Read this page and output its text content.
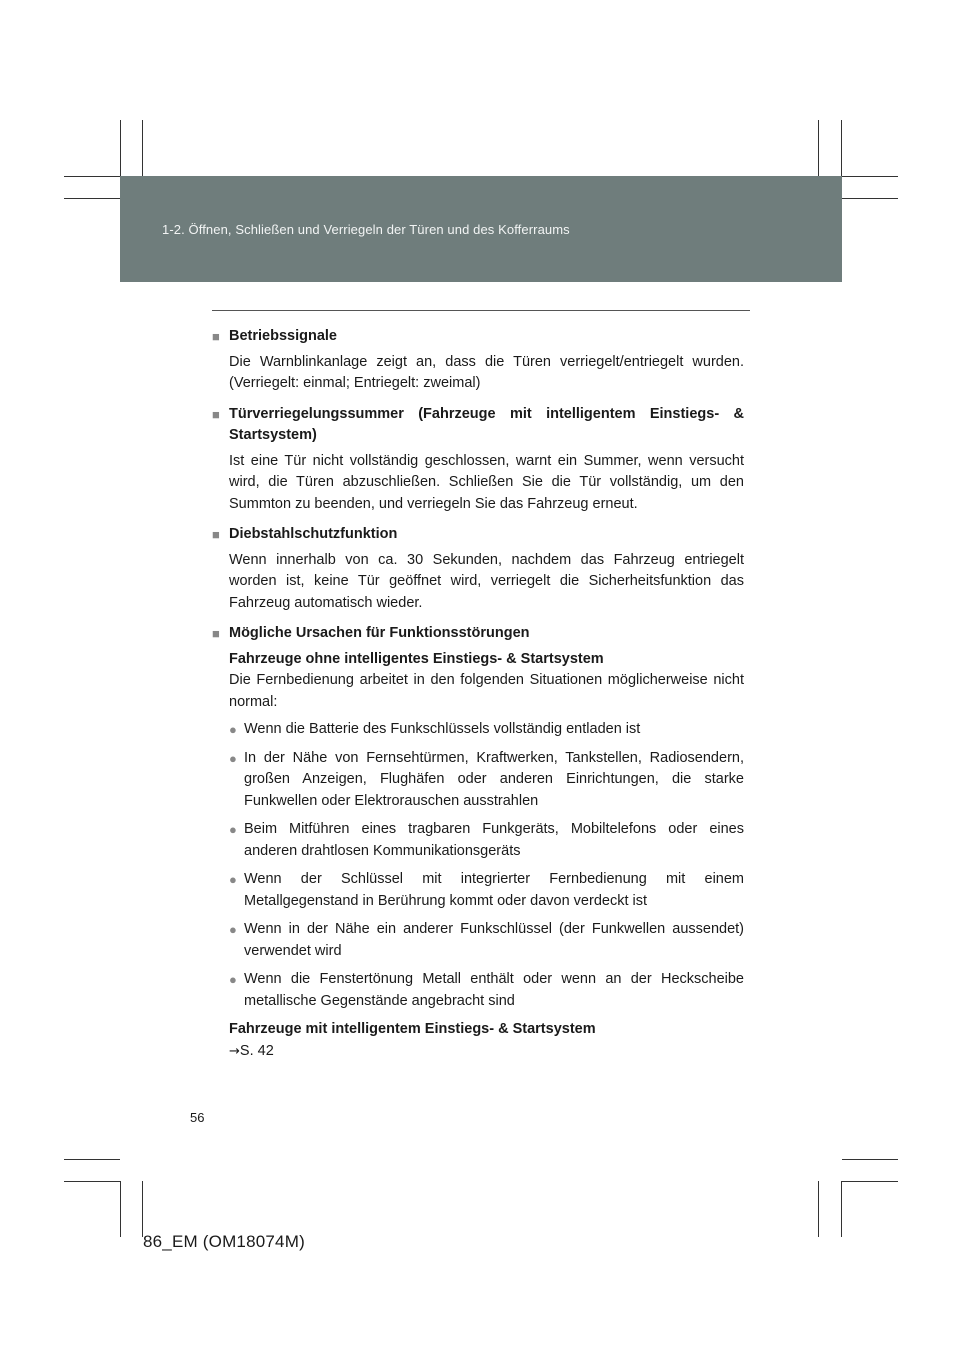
1-2. Öffnen, Schließen und Verriegeln der Türen und des Kofferraums
■ Betriebssignale
Die Warnblinkanlage zeigt an, dass die Türen verriegelt/entriegelt wurden. (Verriegelt: einmal; Entriegelt: zweimal)
■ Türverriegelungssummer (Fahrzeuge mit intelligentem Einstiegs- & Startsystem)
Ist eine Tür nicht vollständig geschlossen, warnt ein Summer, wenn versucht wird, die Türen abzuschließen. Schließen Sie die Tür vollständig, um den Summton zu beenden, und verriegeln Sie das Fahrzeug erneut.
■ Diebstahlschutzfunktion
Wenn innerhalb von ca. 30 Sekunden, nachdem das Fahrzeug entriegelt worden ist, keine Tür geöffnet wird, verriegelt die Sicherheitsfunktion das Fahrzeug automatisch wieder.
■ Mögliche Ursachen für Funktionsstörungen
Fahrzeuge ohne intelligentes Einstiegs- & Startsystem
Die Fernbedienung arbeitet in den folgenden Situationen möglicherweise nicht normal:
● Wenn die Batterie des Funkschlüssels vollständig entladen ist
● In der Nähe von Fernsehtürmen, Kraftwerken, Tankstellen, Radiosendern, großen Anzeigen, Flughäfen oder anderen Einrichtungen, die starke Funkwellen oder Elektrorauschen ausstrahlen
● Beim Mitführen eines tragbaren Funkgeräts, Mobiltelefons oder eines anderen drahtlosen Kommunikationsgeräts
● Wenn der Schlüssel mit integrierter Fernbedienung mit einem Metallgegenstand in Berührung kommt oder davon verdeckt ist
● Wenn in der Nähe ein anderer Funkschlüssel (der Funkwellen aussendet) verwendet wird
● Wenn die Fenstertönung Metall enthält oder wenn an der Heckscheibe metallische Gegenstände angebracht sind
Fahrzeuge mit intelligentem Einstiegs- & Startsystem
→S. 42
56
86_EM (OM18074M)
